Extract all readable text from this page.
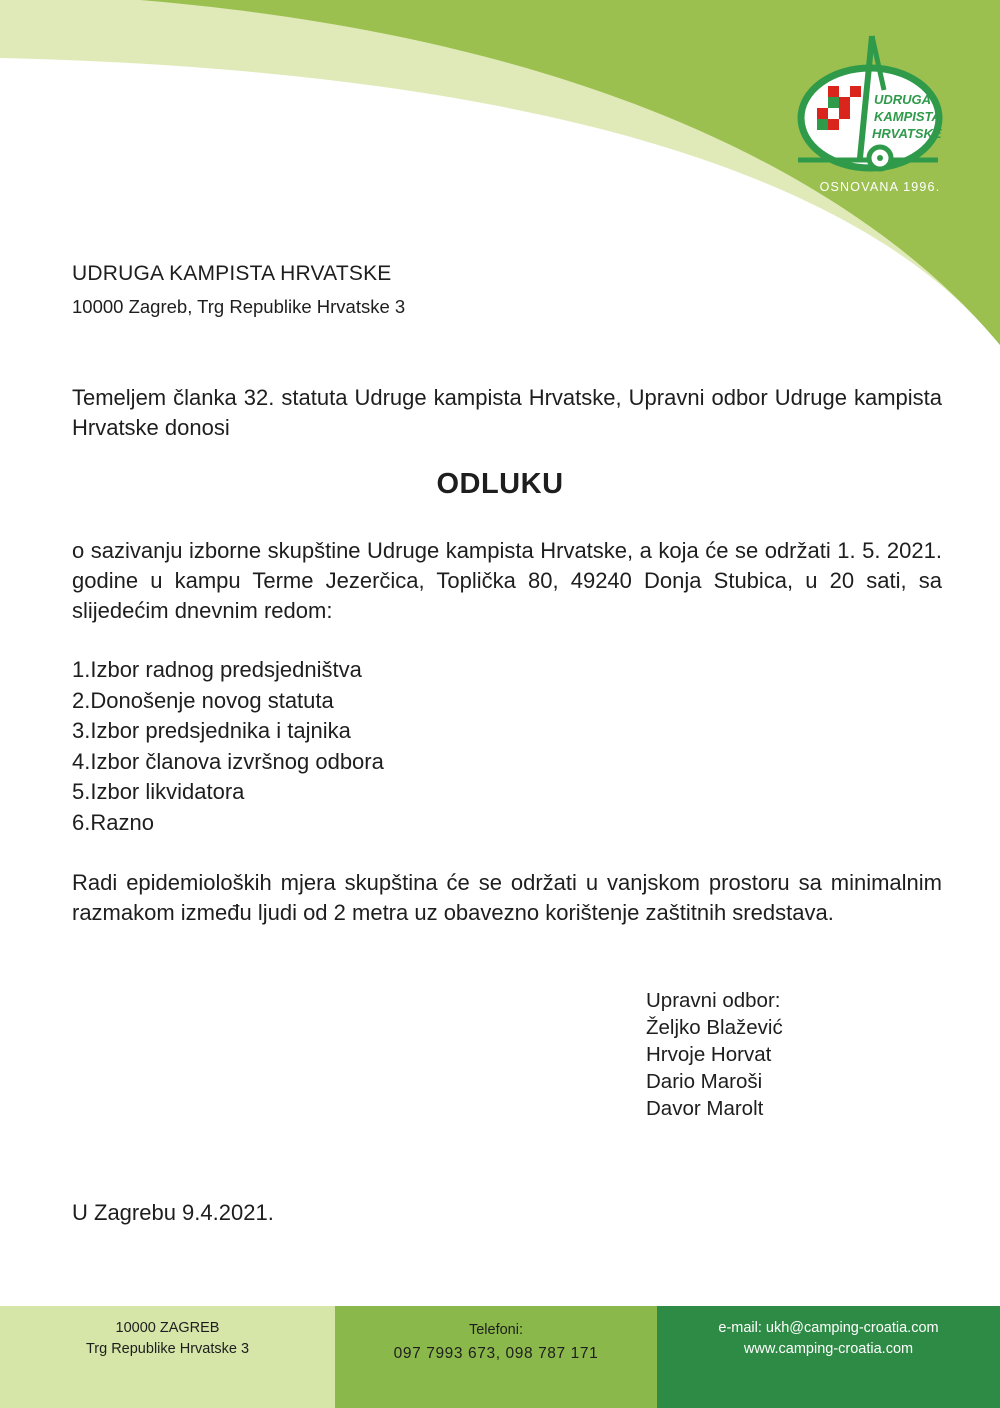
UDRUGA
KAMPISTA
HRVATSKE
OSNOVANA 1996.
UDRUGA KAMPISTA HRVATSKE
10000 Zagreb, Trg Republike Hrvatske 3
Temeljem članka 32. statuta Udruge kampista Hrvatske, Upravni odbor Udruge kampista Hrvatske donosi
ODLUKU
o sazivanju izborne skupštine Udruge kampista Hrvatske, a koja će se održati 1. 5. 2021. godine u kampu Terme Jezerčica, Toplička 80, 49240 Donja Stubica, u 20 sati, sa slijedećim dnevnim redom:
1.Izbor radnog predsjedništva
2.Donošenje novog statuta
3.Izbor predsjednika i tajnika
4.Izbor članova izvršnog odbora
5.Izbor likvidatora
6.Razno
Radi epidemioloških mjera skupština će se održati u vanjskom prostoru sa minimalnim razmakom između ljudi od 2 metra uz obavezno korištenje zaštitnih sredstava.
Upravni odbor:
Željko Blažević
Hrvoje Horvat
Dario Maroši
Davor Marolt
U Zagrebu 9.4.2021.
10000 ZAGREB
Trg Republike Hrvatske 3
Telefoni:
097 7993 673, 098 787 171
e-mail: ukh@camping-croatia.com
www.camping-croatia.com
